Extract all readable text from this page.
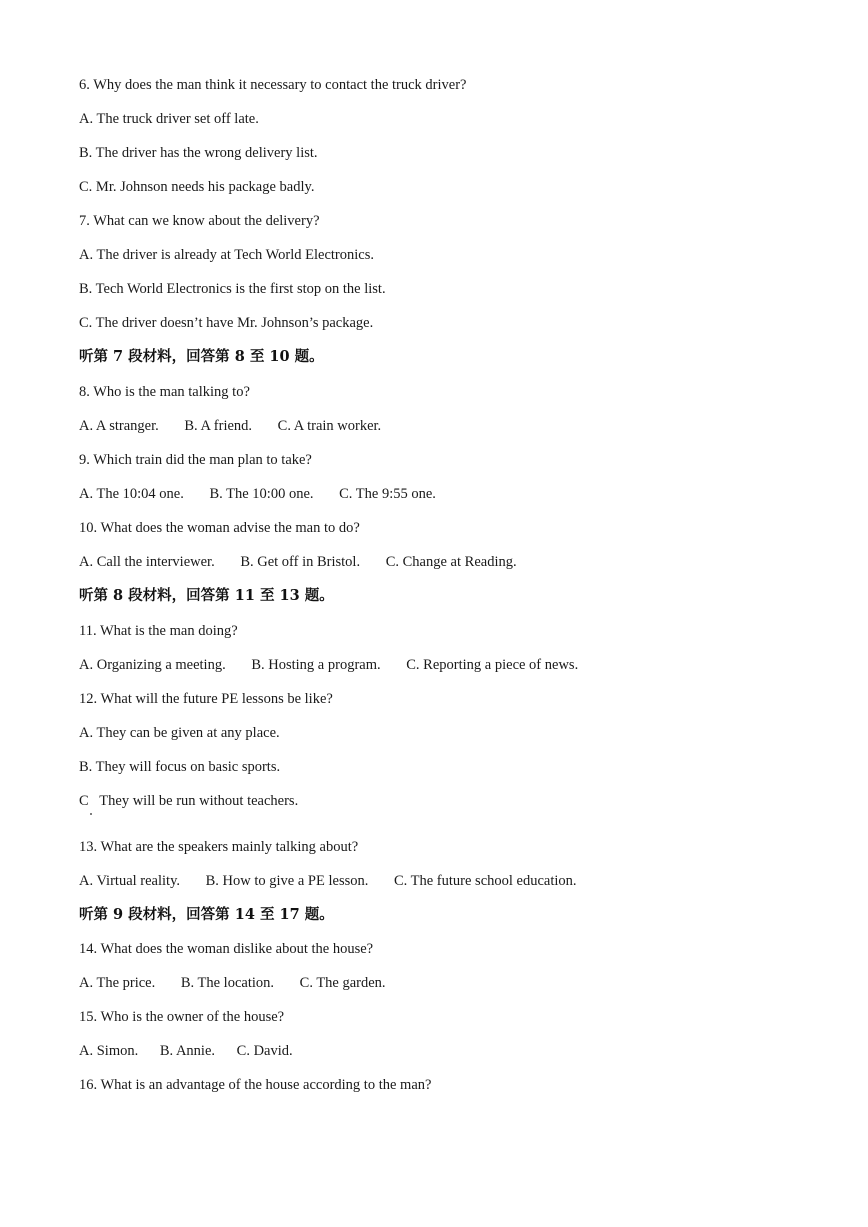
6. Why does the man think it necessary to contact the truck driver?
A. The truck driver set off late.
B. The driver has the wrong delivery list.
C. Mr. Johnson needs his package badly.
7. What can we know about the delivery?
A. The driver is already at Tech World Electronics.
B. Tech World Electronics is the first stop on the list.
C. The driver doesn’t have Mr. Johnson’s package.
听第 7 段材料，回答第 8 至 10 题。
8. Who is the man talking to?
A. A stranger. B. A friend. C. A train worker.
9. Which train did the man plan to take?
A. The 10:04 one. B. The 10:00 one. C. The 9:55 one.
10. What does the woman advise the man to do?
A. Call the interviewer. B. Get off in Bristol. C. Change at Reading.
听第 8 段材料，回答第 11 至 13 题。
11. What is the man doing?
A. Organizing a meeting. B. Hosting a program. C. Reporting a piece of news.
12. What will the future PE lessons be like?
A. They can be given at any place.
B. They will focus on basic sports.
C   They will be run without teachers.
13. What are the speakers mainly talking about?
A. Virtual reality. B. How to give a PE lesson. C. The future school education.
听第 9 段材料，回答第 14 至 17 题。
14. What does the woman dislike about the house?
A. The price. B. The location. C. The garden.
15. Who is the owner of the house?
A. Simon. B. Annie. C. David.
16. What is an advantage of the house according to the man?
